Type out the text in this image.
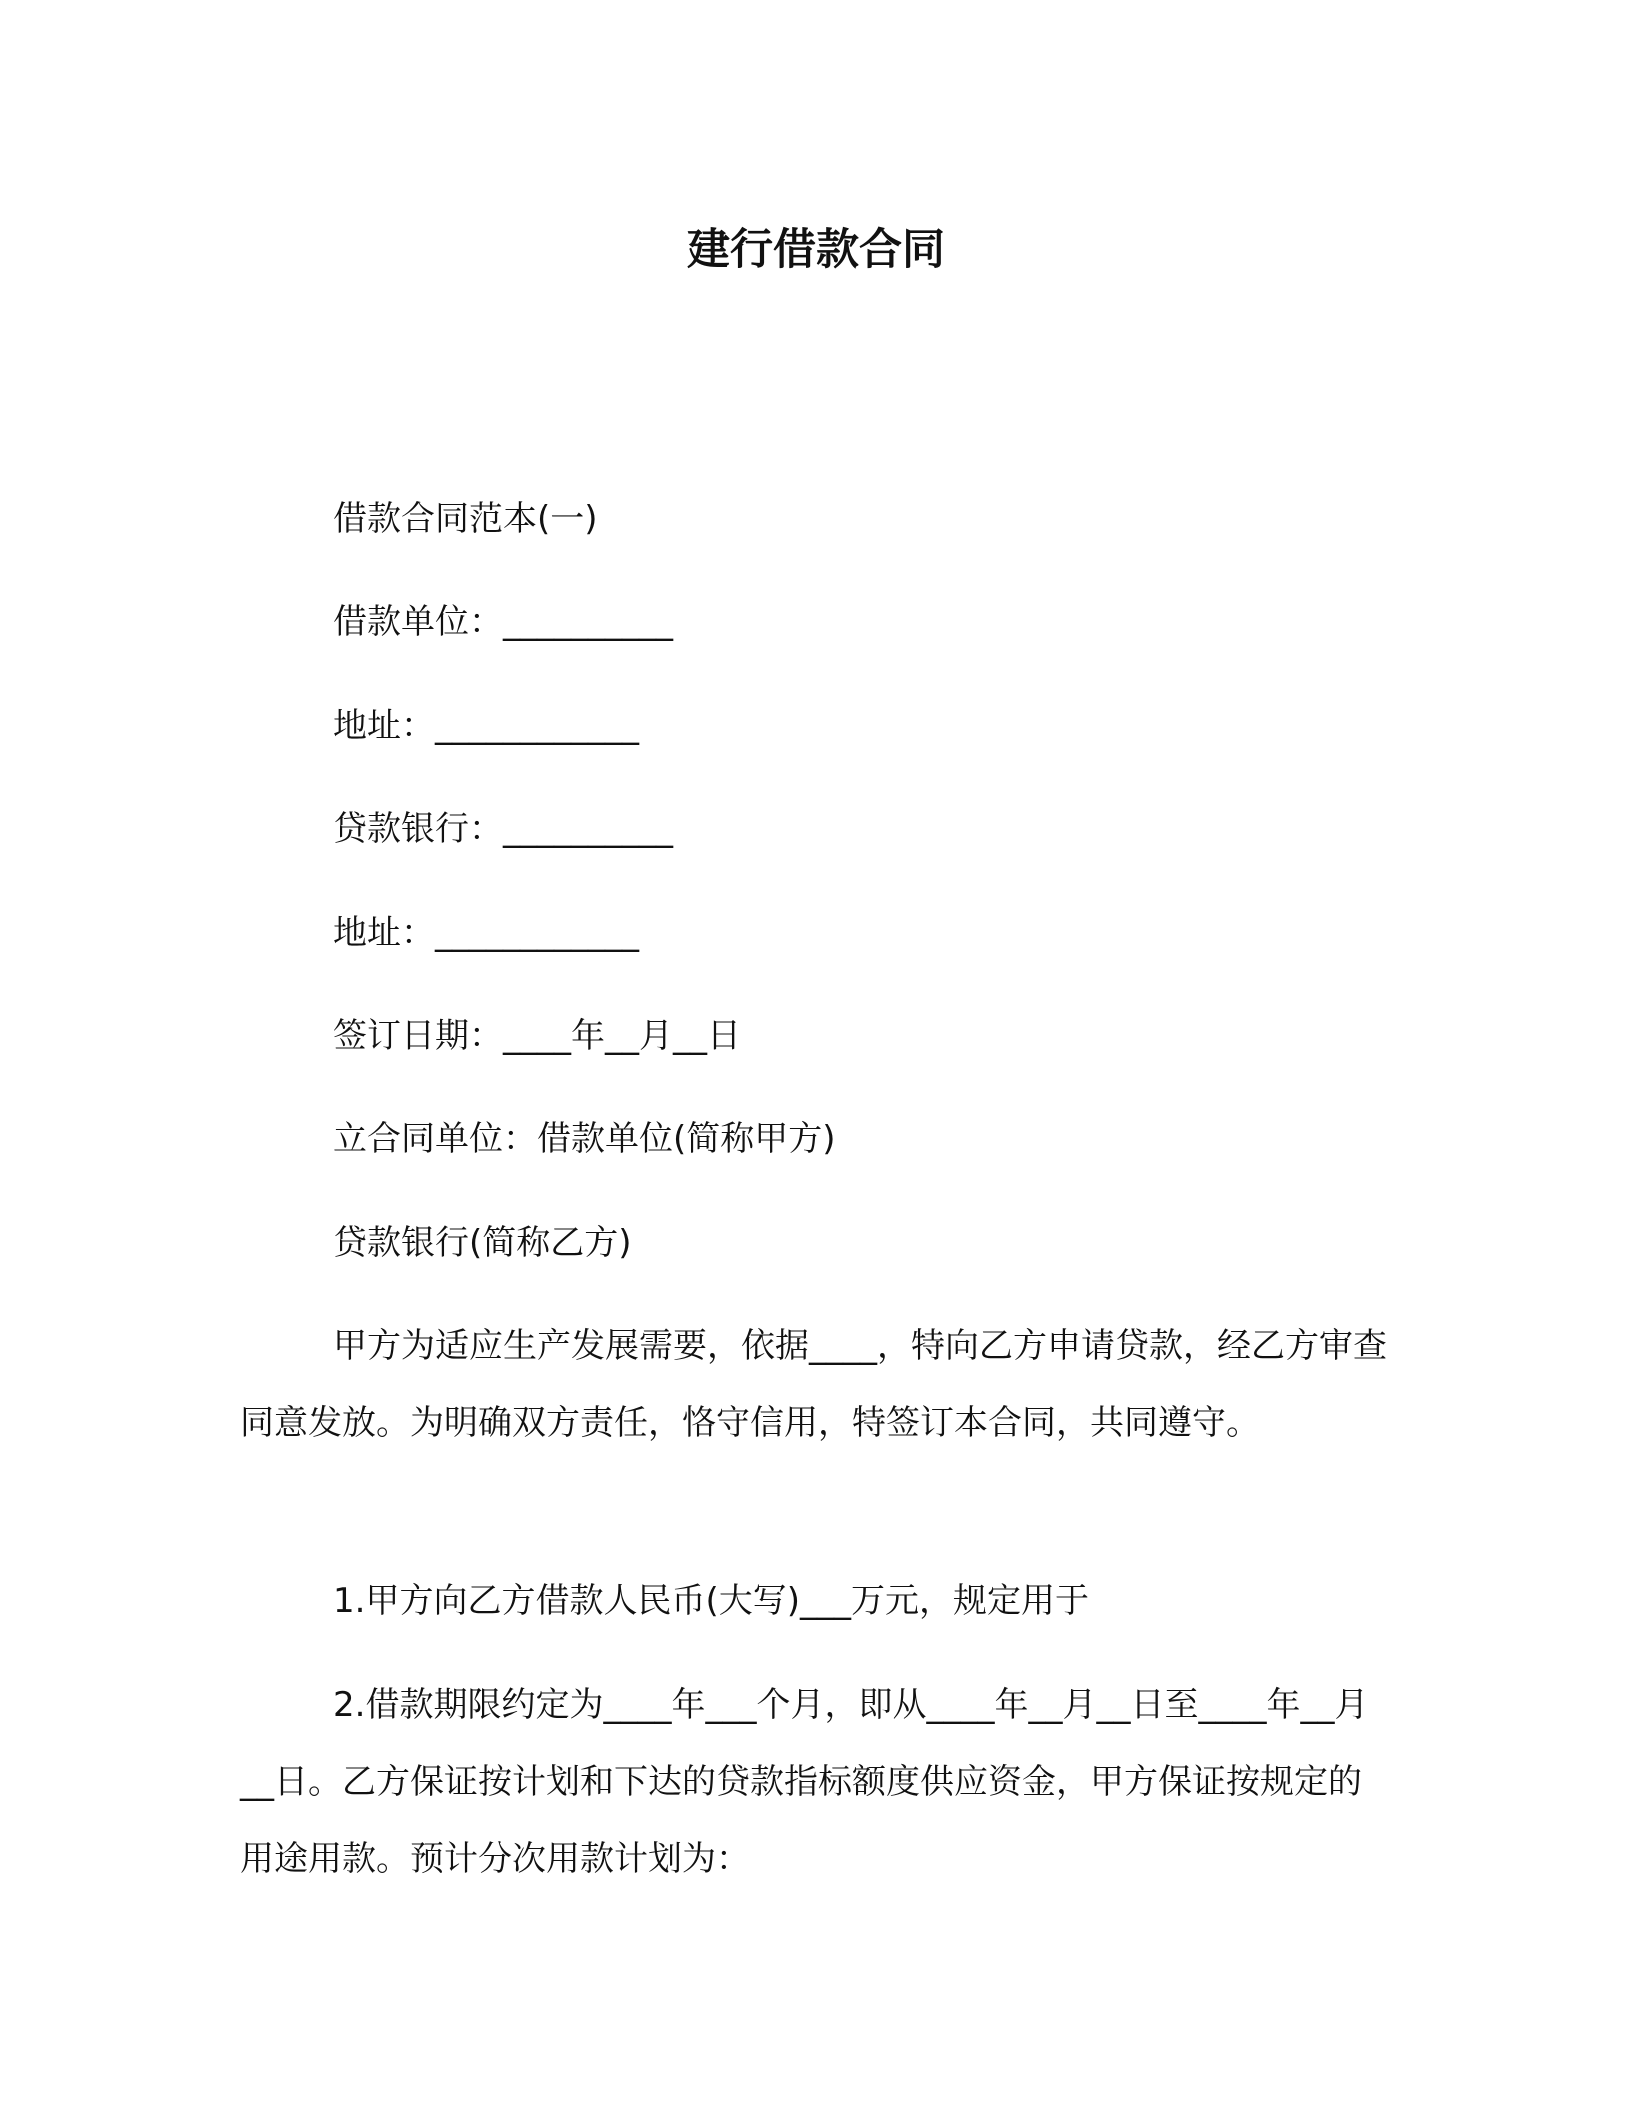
建行借款合同
借款合同范本(一)
借款单位：__________
地址：____________
贷款银行：__________
地址：____________
签订日期：____年__月__日
立合同单位：借款单位(简称甲方)
贷款银行(简称乙方)
甲方为适应生产发展需要，依据____，特向乙方申请贷款，经乙方审查同意发放。为明确双方责任，恪守信用，特签订本合同，共同遵守。
1.甲方向乙方借款人民币(大写)___万元，规定用于
2.借款期限约定为____年___个月，即从____年__月__日至____年__月__日。乙方保证按计划和下达的贷款指标额度供应资金，甲方保证按规定的用途用款。预计分次用款计划为：
